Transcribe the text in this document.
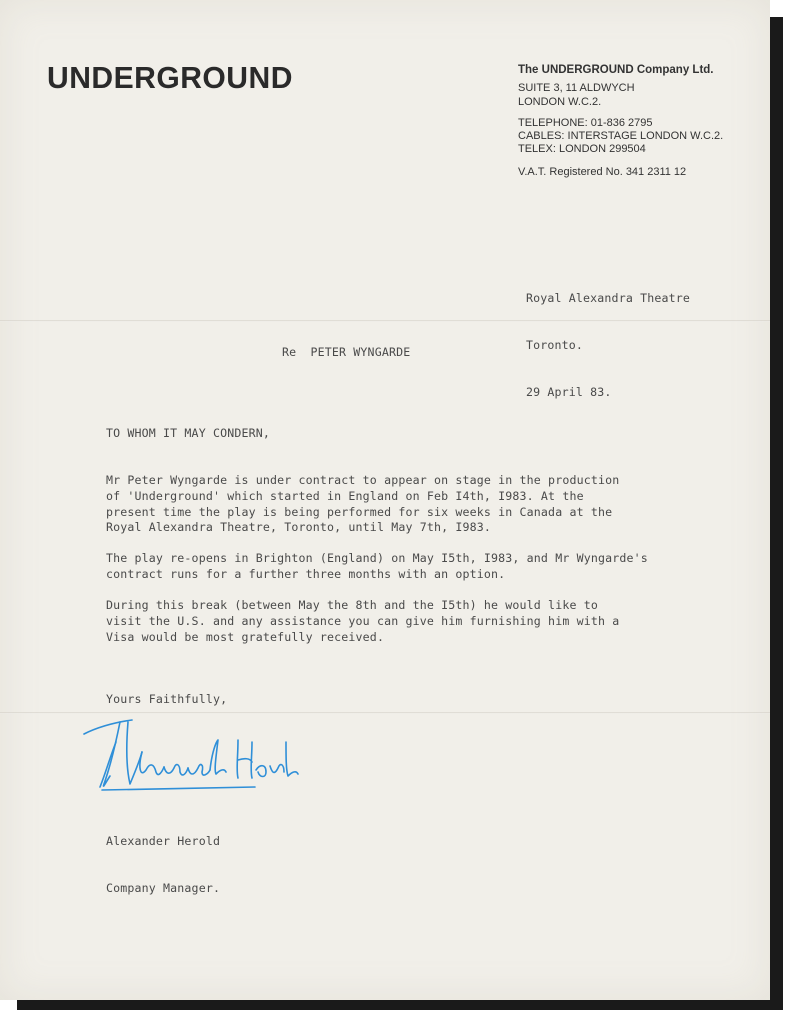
UNDERGROUND	The UNDERGROUND Company Ltd.
SUITE 3, 11 ALDWYCH
LONDON W.C.2.
TELEPHONE: 01-836 2795
CABLES: INTERSTAGE LONDON W.C.2.
TELEX: LONDON 299504
V.A.T. Registered No. 341 2311 12

Royal Alexandra Theatre

Toronto.

29 April 83.

Re  PETER WYNGARDE
TO WHOM IT MAY CONDERN,
Mr Peter Wyngarde is under contract to appear on stage in the production
of 'Underground' which started in England on Feb I4th, I983. At the
present time the play is being performed for six weeks in Canada at the
Royal Alexandra Theatre, Toronto, until May 7th, I983.
The play re-opens in Brighton (England) on May I5th, I983, and Mr Wyngarde's
contract runs for a further three months with an option.
During this break (between May the 8th and the I5th) he would like to
visit the U.S. and any assistance you can give him furnishing him with a
Visa would be most gratefully received.
Yours Faithfully,

Alexander Herold

Company Manager.
